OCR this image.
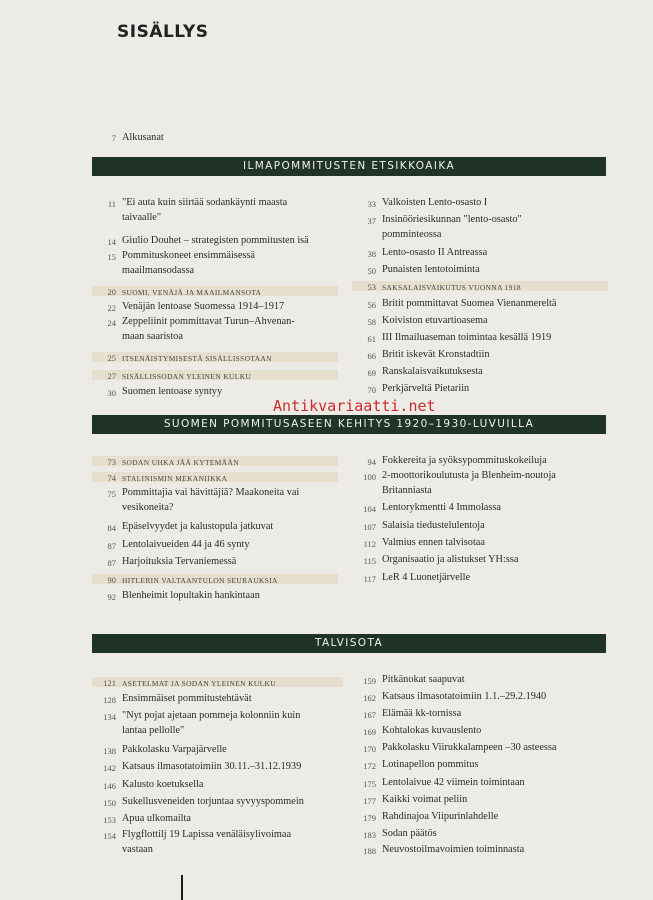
SISÄLLYS
7 Alkusanat
ILMAPOMMITUSTEN ETSIKKOAIKA
11 "Ei auta kuin siirtää sodankäynti maasta
taivaalle"
14 Giulio Douhet – strategisten pommitusten isä
15 Pommituskoneet ensimmäisessä
maailmansodassa
20 SUOMI, VENÄJÄ JA MAAILMANSOTA
22 Venäjän lentoase Suomessa 1914–1917
24 Zeppeliinit pommittavat Turun–Ahvenan-
maan saaristoa
25 ITSENÄISTYMISESTÄ SISÄLLISSOTAAN
27 SISÄLLISSODAN YLEINEN KULKU
30 Suomen lentoase syntyy
33 Valkoisten Lento-osasto I
37 Insinööriesikunnan "lento-osasto"
pomminteossa
38 Lento-osasto II Antreassa
50 Punaisten lentotoiminta
53 SAKSALAISVAIKUTUS VUONNA 1918
56 Britit pommittavat Suomea Vienanmereltä
58 Koiviston etuvartioasema
61 III Ilmailuaseman toimintaa kesällä 1919
66 Britit iskevät Kronstadtiin
69 Ranskalaisvaikutuksesta
70 Perkjärveltä Pietariin
Antikvariaatti.net
SUOMEN POMMITUSASEEN KEHITYS 1920–1930-LUVUILLA
73 SODAN UHKA JÄÄ KYTEMÄÄN
74 STALINISMIN MEKANIIKKA
75 Pommittajia vai hävittäjiä? Maakoneita vai
vesikoneita?
84 Epäselvyydet ja kalustopula jatkuvat
87 Lentolaivueiden 44 ja 46 synty
87 Harjoituksia Tervaniemessä
90 HITLERIN VALTAANTULON SEURAUKSIA
92 Blenheimit lopultakin hankintaan
94 Fokkereita ja syöksypommituskokeiluja
100 2-moottorikoulutusta ja Blenheim-noutoja
Britanniasta
104 Lentorykmentti 4 Immolassa
107 Salaisia tiedustelulentoja
112 Valmius ennen talvisotaa
115 Organisaatio ja alistukset YH:ssa
117 LeR 4 Luonetjärvelle
TALVISOTA
121 ASETELMAT JA SODAN YLEINEN KULKU
128 Ensimmäiset pommitustehtävät
134 "Nyt pojat ajetaan pommeja kolonniin kuin
lantaa pellolle"
138 Pakkolasku Varpajärvelle
142 Katsaus ilmasotatoimiin 30.11.–31.12.1939
146 Kalusto koetuksella
150 Sukellusveneiden torjuntaa syvyyspommein
153 Apua ulkomailta
154 Flygflottilj 19 Lapissa venäläisylivoimaa
vastaan
159 Pitkänokat saapuvat
162 Katsaus ilmasotatoimiin 1.1.–29.2.1940
167 Elämää kk-tornissa
169 Kohtalokas kuvauslento
170 Pakkolasku Viirukkalampeen –30 asteessa
172 Lotinapellon pommitus
175 Lentolaivue 42 viimein toimintaan
177 Kaikki voimat peliin
179 Rahdinajoa Viipurinlahdelle
183 Sodan päätös
188 Neuvostoilmavoimien toiminnasta
